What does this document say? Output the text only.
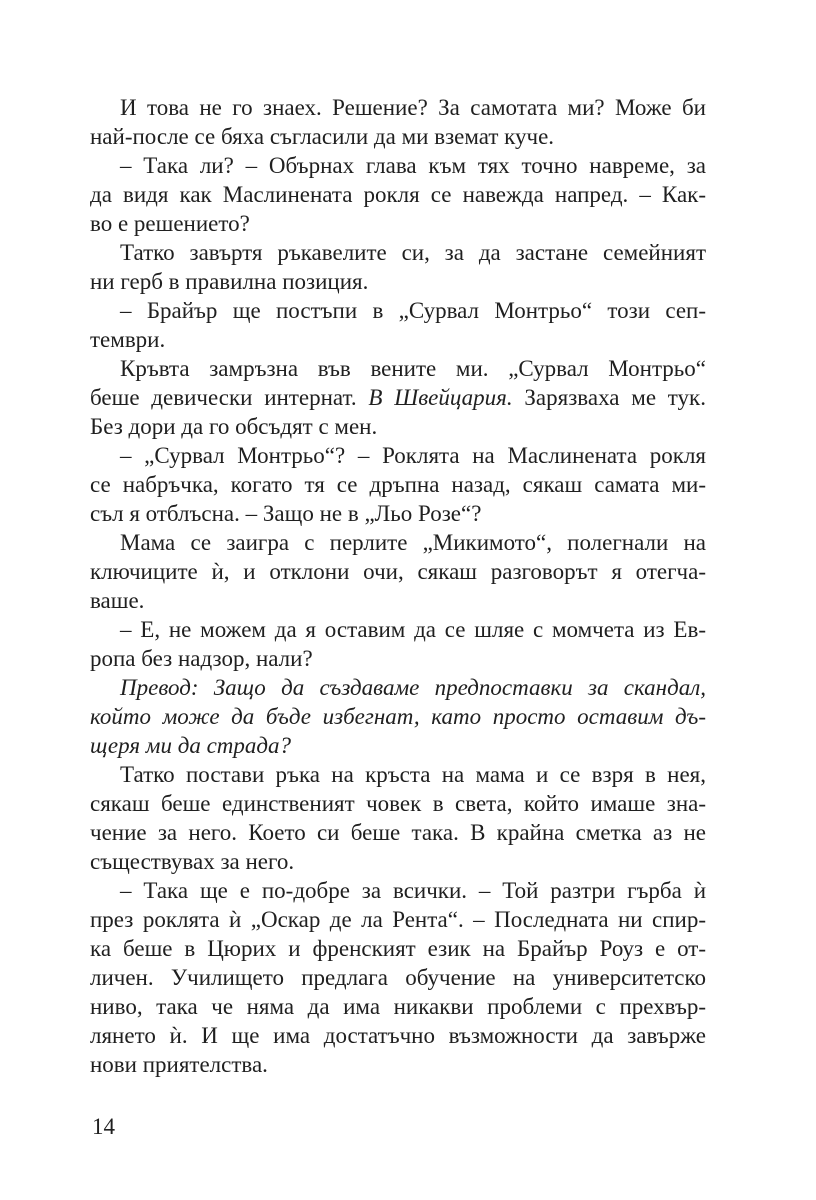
И това не го знаех. Решение? За самотата ми? Може би
най-после се бяха съгласили да ми вземат куче.
– Така ли? – Обърнах глава към тях точно навреме, за
да видя как Маслинената рокля се навежда напред. – Как-
во е решението?
Татко завъртя ръкавелите си, за да застане семейният
ни герб в правилна позиция.
– Брайър ще постъпи в „Сурвал Монтрьо“ този сеп-
тември.
Кръвта замръзна във вените ми. „Сурвал Монтрьо“
беше девически интернат. В Швейцария. Зарязваха ме тук.
Без дори да го обсъдят с мен.
– „Сурвал Монтрьо“? – Роклята на Маслинената рокля
се набръчка, когато тя се дръпна назад, сякаш самата ми-
съл я отблъсна. – Защо не в „Льо Розе“?
Мама се заигра с перлите „Микимото“, полегнали на
ключиците ѝ, и отклони очи, сякаш разговорът я отегча-
ваше.
– Е, не можем да я оставим да се шляе с момчета из Ев-
ропа без надзор, нали?
Превод: Защо да създаваме предпоставки за скандал,
който може да бъде избегнат, като просто оставим дъ-
щеря ми да страда?
Татко постави ръка на кръста на мама и се взря в нея,
сякаш беше единственият човек в света, който имаше зна-
чение за него. Което си беше така. В крайна сметка аз не
съществувах за него.
– Така ще е по-добре за всички. – Той разтри гърба ѝ
през роклята ѝ „Оскар де ла Рента“. – Последната ни спир-
ка беше в Цюрих и френският език на Брайър Роуз е от-
личен. Училището предлага обучение на университетско
ниво, така че няма да има никакви проблеми с прехвър-
лянето ѝ. И ще има достатъчно възможности да завърже
нови приятелства.
14
